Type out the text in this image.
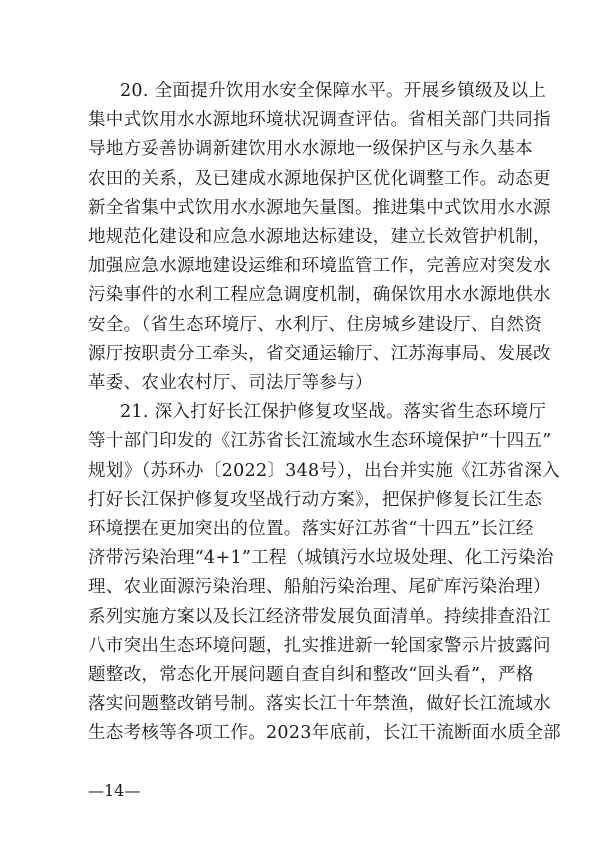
20. 全面提升饮用水安全保障水平。开展乡镇级及以上
集中式饮用水水源地环境状况调查评估。省相关部门共同指
导地方妥善协调新建饮用水水源地一级保护区与永久基本
农田的关系，及已建成水源地保护区优化调整工作。动态更
新全省集中式饮用水水源地矢量图。推进集中式饮用水水源
地规范化建设和应急水源地达标建设，建立长效管护机制，
加强应急水源地建设运维和环境监管工作，完善应对突发水
污染事件的水利工程应急调度机制，确保饮用水水源地供水
安全。（省生态环境厅、水利厅、住房城乡建设厅、自然资
源厅按职责分工牵头，省交通运输厅、江苏海事局、发展改
革委、农业农村厅、司法厅等参与）
21. 深入打好长江保护修复攻坚战。落实省生态环境厅
等十部门印发的《江苏省长江流域水生态环境保护“十四五”
规划》（苏环办〔2022〕348号），出台并实施《江苏省深入
打好长江保护修复攻坚战行动方案》，把保护修复长江生态
环境摆在更加突出的位置。落实好江苏省“十四五”长江经
济带污染治理“4+1”工程（城镇污水垃圾处理、化工污染治
理、农业面源污染治理、船舶污染治理、尾矿库污染治理）
系列实施方案以及长江经济带发展负面清单。持续排查沿江
八市突出生态环境问题，扎实推进新一轮国家警示片披露问
题整改，常态化开展问题自查自纠和整改“回头看”，严格
落实问题整改销号制。落实长江十年禁渔，做好长江流域水
生态考核等各项工作。2023年底前，长江干流断面水质全部
—14—
